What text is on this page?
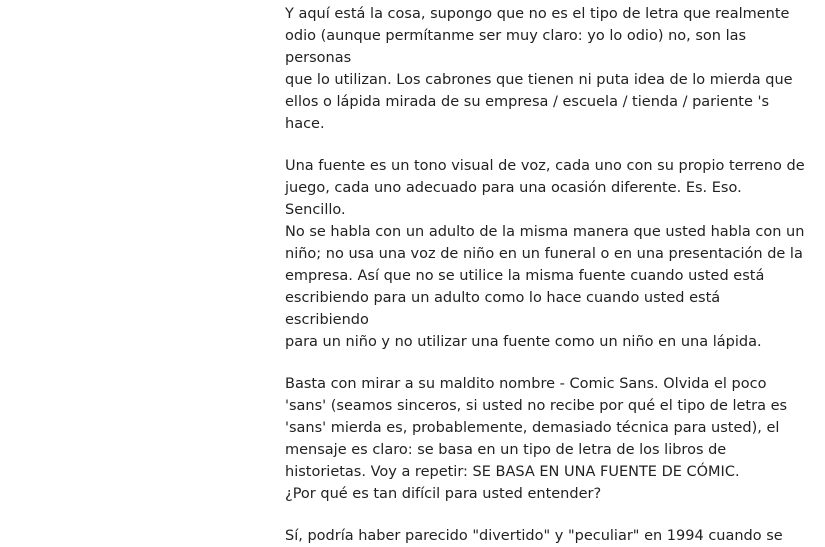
Y aquí está la cosa, supongo que no es el tipo de letra que realmente
odio (aunque permítanme ser muy claro: yo lo odio) no, son las personas
que lo utilizan. Los cabrones que tienen ni puta idea de lo mierda que
ellos o lápida mirada de su empresa / escuela / tienda / pariente 's
hace.

Una fuente es un tono visual de voz, cada uno con su propio terreno de
juego, cada uno adecuado para una ocasión diferente. Es. Eso. Sencillo.
No se habla con un adulto de la misma manera que usted habla con un
niño; no usa una voz de niño en un funeral o en una presentación de la
empresa. Así que no se utilice la misma fuente cuando usted está
escribiendo para un adulto como lo hace cuando usted está escribiendo
para un niño y no utilizar una fuente como un niño en una lápida.

Basta con mirar a su maldito nombre - Comic Sans. Olvida el poco
'sans' (seamos sinceros, si usted no recibe por qué el tipo de letra es
'sans' mierda es, probablemente, demasiado técnica para usted), el
mensaje es claro: se basa en un tipo de letra de los libros de
historietas. Voy a repetir: SE BASA EN UNA FUENTE DE CÓMIC.
¿Por qué es tan difícil para usted entender?

Sí, podría haber parecido "divertido" y "peculiar" en 1994 cuando se
